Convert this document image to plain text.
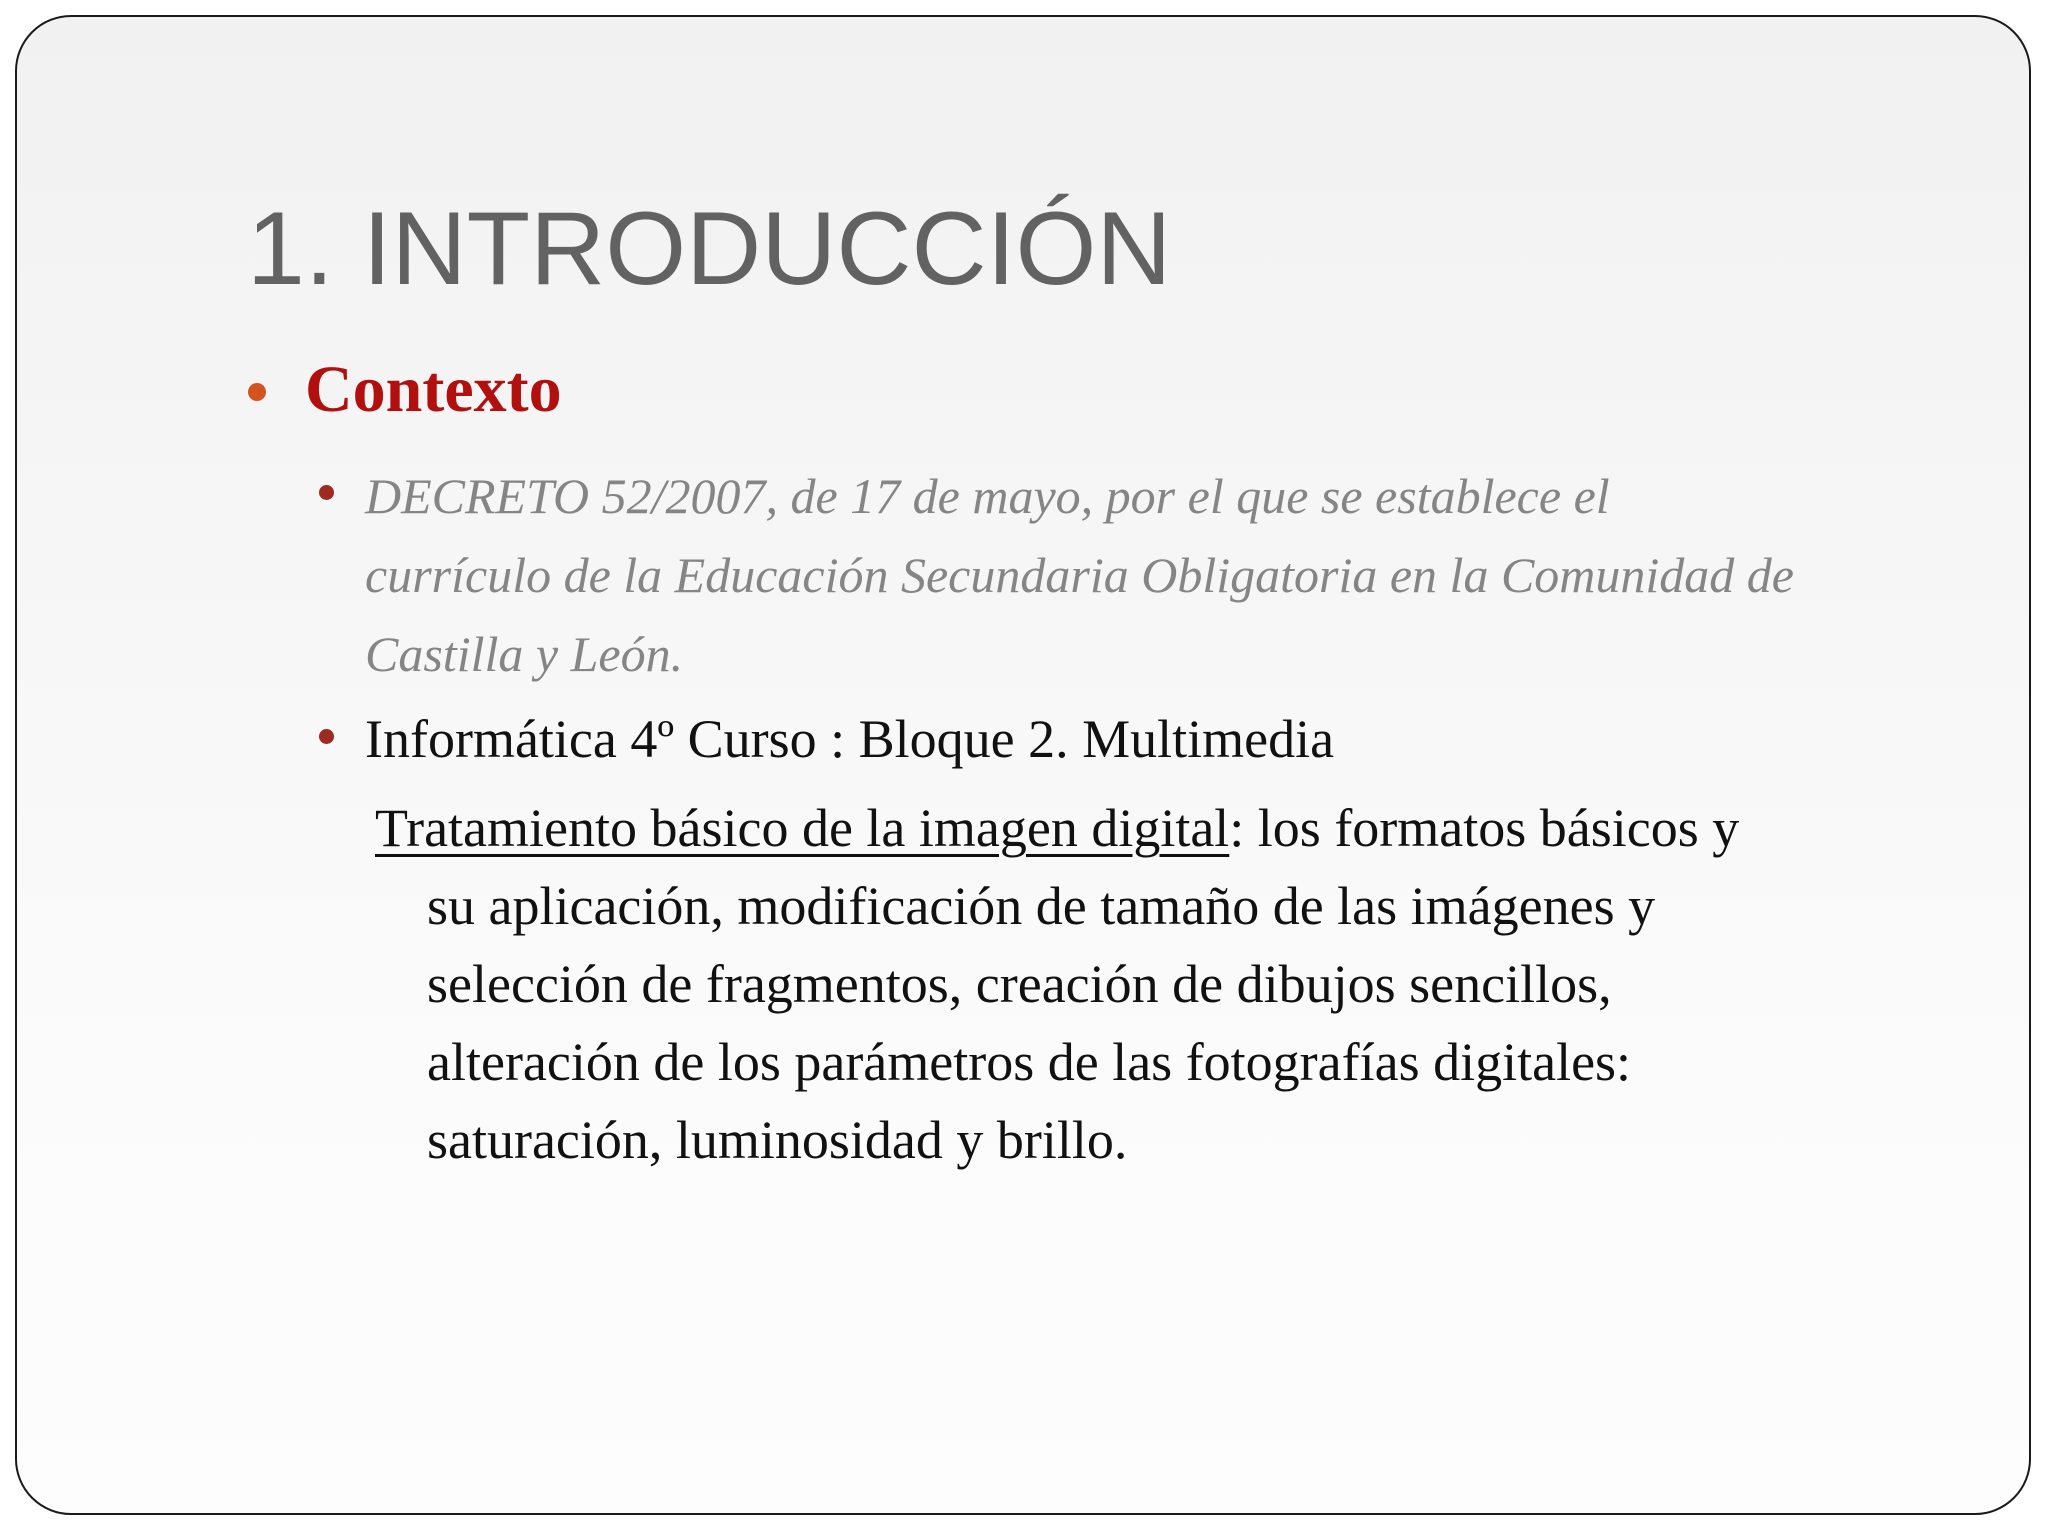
1. INTRODUCCIÓN
Contexto

DECRETO 52/2007, de 17 de mayo, por el que se establece el
currículo de la Educación Secundaria Obligatoria en la Comunidad de
Castilla y León.

Informática 4º Curso : Bloque 2. Multimedia

Tratamiento básico de la imagen digital: los formatos básicos y
su aplicación, modificación de tamaño de las imágenes y
selección de fragmentos, creación de dibujos sencillos,
alteración de los parámetros de las fotografías digitales:
saturación, luminosidad y brillo.
